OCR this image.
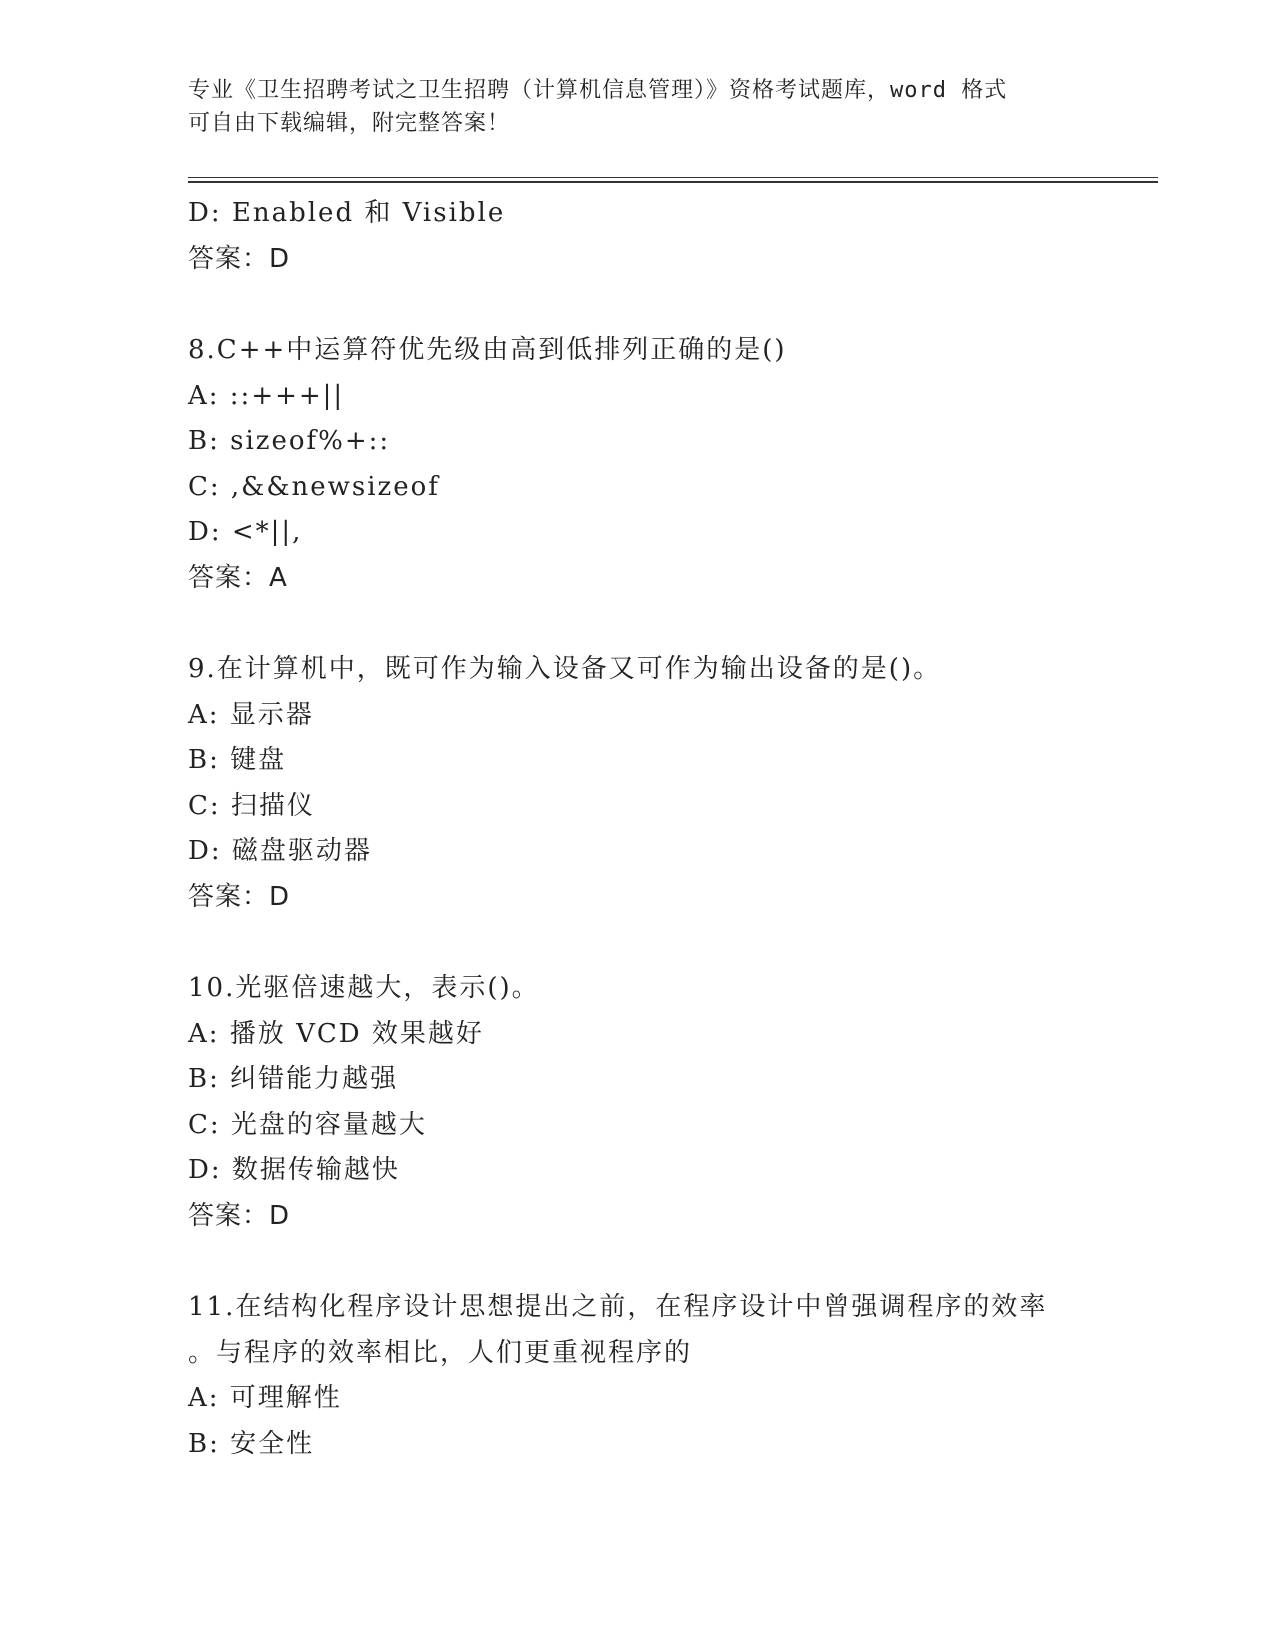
专业《卫生招聘考试之卫生招聘（计算机信息管理）》资格考试题库，word 格式
可自由下载编辑，附完整答案！
D: Enabled 和 Visible
答案：D
8.C++中运算符优先级由高到低排列正确的是()
A: ::+++||
B: sizeof%+::
C: ,&&newsizeof
D: <*||,
答案：A
9.在计算机中，既可作为输入设备又可作为输出设备的是()。
A: 显示器
B: 键盘
C: 扫描仪
D: 磁盘驱动器
答案：D
10.光驱倍速越大，表示()。
A: 播放 VCD 效果越好
B: 纠错能力越强
C: 光盘的容量越大
D: 数据传输越快
答案：D
11.在结构化程序设计思想提出之前，在程序设计中曾强调程序的效率
。与程序的效率相比，人们更重视程序的
A: 可理解性
B: 安全性
